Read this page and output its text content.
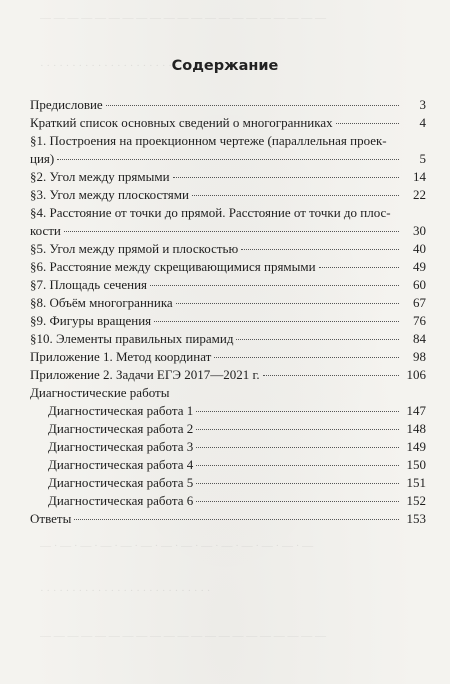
— — — — — — — — — — — — — — — — — — — — —
· · · · · · · · · · · · · · · · · · · · · · · · · · ·
Содержание
Предисловие	3
Краткий список основных сведений о многогранниках	4
§1. Построения на проекционном чертеже (параллельная проек-
ция)	5
§2. Угол между прямыми	14
§3. Угол между плоскостями	22
§4. Расстояние от точки до прямой. Расстояние от точки до плос-
кости	30
§5. Угол между прямой и плоскостью	40
§6. Расстояние между скрещивающимися прямыми	49
§7. Площадь сечения	60
§8. Объём многогранника	67
§9. Фигуры вращения	76
§10. Элементы правильных пирамид	84
Приложение 1. Метод координат	98
Приложение 2. Задачи ЕГЭ 2017—2021 г.	106
Диагностические работы
Диагностическая работа 1	147
Диагностическая работа 2	148
Диагностическая работа 3	149
Диагностическая работа 4	150
Диагностическая работа 5	151
Диагностическая работа 6	152
Ответы	153
— · — · — · — · — · — · — · — · — · — · — · — · — · —
· · · · · · · · · · · · · · · · · · · · · · · · · · ·
— — — — — — — — — — — — — — — — — — — — —
